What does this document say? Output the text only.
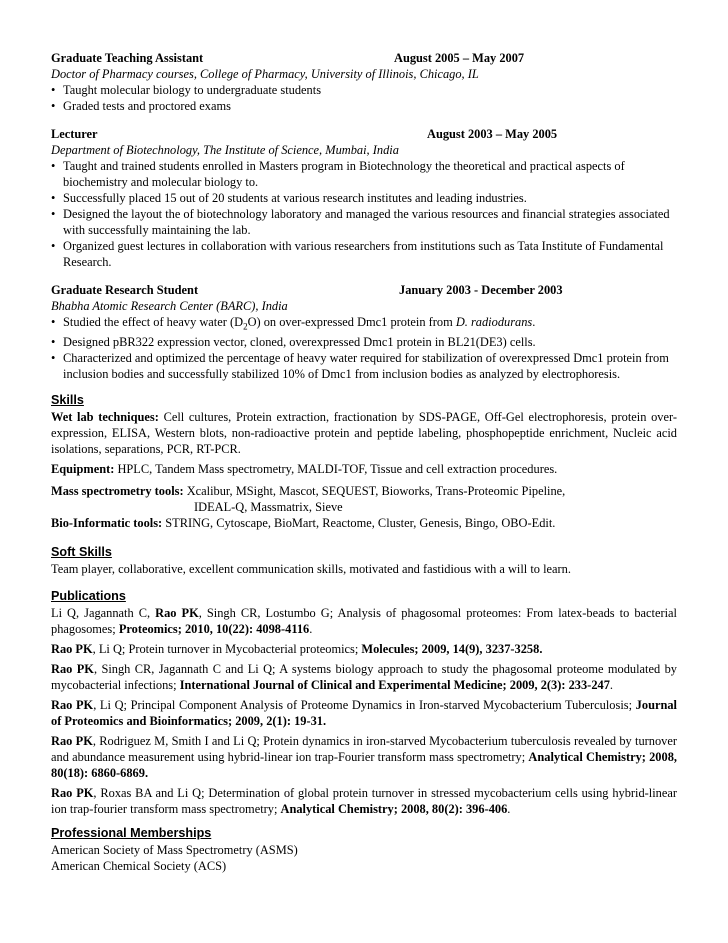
Graduate Teaching Assistant	August 2005 – May 2007
Doctor of Pharmacy courses, College of Pharmacy, University of Illinois, Chicago, IL
• Taught molecular biology to undergraduate students
• Graded tests and proctored exams
Lecturer	August 2003 – May 2005
Department of Biotechnology, The Institute of Science, Mumbai, India
• Taught and trained students enrolled in Masters program in Biotechnology the theoretical and practical aspects of biochemistry and molecular biology to.
• Successfully placed 15 out of 20 students at various research institutes and leading industries.
• Designed the layout the of biotechnology laboratory and managed the various resources and financial strategies associated with successfully maintaining the lab.
• Organized guest lectures in collaboration with various researchers from institutions such as Tata Institute of Fundamental Research.
Graduate Research Student	January 2003 - December 2003
Bhabha Atomic Research Center (BARC), India
• Studied the effect of heavy water $(D_2O)$ on over-expressed Dmc1 protein from D. radiodurans.
• Designed pBR322 expression vector, cloned, overexpressed Dmc1 protein in BL21(DE3) cells.
• Characterized and optimized the percentage of heavy water required for stabilization of overexpressed Dmc1 protein from inclusion bodies and successfully stabilized 10% of Dmc1 from inclusion bodies as analyzed by electrophoresis.
Skills
Wet lab techniques: Cell cultures, Protein extraction, fractionation by SDS-PAGE, Off-Gel electrophoresis, protein over-expression, ELISA, Western blots, non-radioactive protein and peptide labeling, phosphopeptide enrichment, Nucleic acid isolations, separations, PCR, RT-PCR.
Equipment: HPLC, Tandem Mass spectrometry, MALDI-TOF, Tissue and cell extraction procedures.
Mass spectrometry tools: Xcalibur, MSight, Mascot, SEQUEST, Bioworks, Trans-Proteomic Pipeline,
IDEAL-Q, Massmatrix, Sieve
Bio-Informatic tools: STRING, Cytoscape, BioMart, Reactome, Cluster, Genesis, Bingo, OBO-Edit.
Soft Skills
Team player, collaborative, excellent communication skills, motivated and fastidious with a will to learn.
Publications
Li Q, Jagannath C, Rao PK, Singh CR, Lostumbo G; Analysis of phagosomal proteomes: From latex-beads to bacterial phagosomes; Proteomics; 2010, 10(22): 4098-4116.
Rao PK, Li Q; Protein turnover in Mycobacterial proteomics; Molecules; 2009, 14(9), 3237-3258.
Rao PK, Singh CR, Jagannath C and Li Q; A systems biology approach to study the phagosomal proteome modulated by mycobacterial infections; International Journal of Clinical and Experimental Medicine; 2009, 2(3): 233-247.
Rao PK, Li Q; Principal Component Analysis of Proteome Dynamics in Iron-starved Mycobacterium Tuberculosis; Journal of Proteomics and Bioinformatics; 2009, 2(1): 19-31.
Rao PK, Rodriguez M, Smith I and Li Q; Protein dynamics in iron-starved Mycobacterium tuberculosis revealed by turnover and abundance measurement using hybrid-linear ion trap-Fourier transform mass spectrometry; Analytical Chemistry; 2008, 80(18): 6860-6869.
Rao PK, Roxas BA and Li Q; Determination of global protein turnover in stressed mycobacterium cells using hybrid-linear ion trap-fourier transform mass spectrometry; Analytical Chemistry; 2008, 80(2): 396-406.
Professional Memberships
American Society of Mass Spectrometry (ASMS)
American Chemical Society (ACS)
